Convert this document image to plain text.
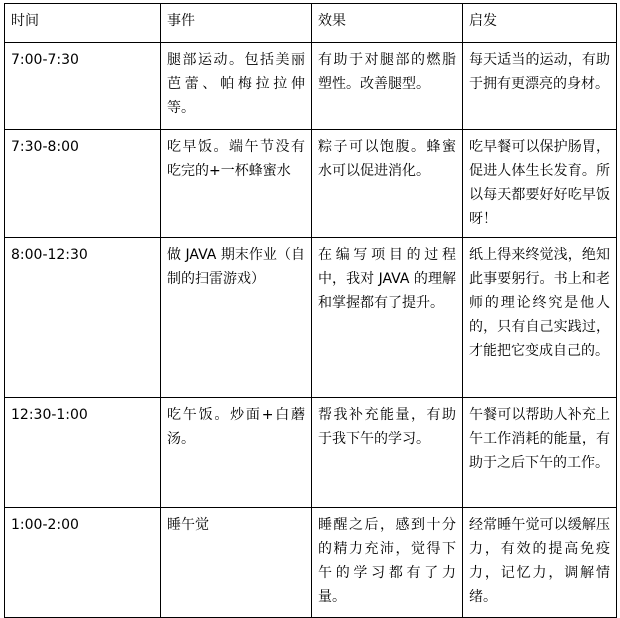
时间	事件	效果	启发
7:00-7:30	腿部运动。包括美丽芭蕾、帕梅拉拉伸等。	有助于对腿部的燃脂塑性。改善腿型。	每天适当的运动，有助于拥有更漂亮的身材。
7:30-8:00	吃早饭。端午节没有吃完的+一杯蜂蜜水	粽子可以饱腹。蜂蜜水可以促进消化。	吃早餐可以保护肠胃，促进人体生长发育。所以每天都要好好吃早饭呀！
8:00-12:30	做 JAVA 期末作业（自制的扫雷游戏）	在编写项目的过程中，我对 JAVA 的理解和掌握都有了提升。	纸上得来终觉浅，绝知此事要躬行。书上和老师的理论终究是他人的，只有自己实践过，才能把它变成自己的。
12:30-1:00	吃午饭。炒面+白蘑汤。	帮我补充能量，有助于我下午的学习。	午餐可以帮助人补充上午工作消耗的能量，有助于之后下午的工作。
1:00-2:00	睡午觉	睡醒之后，感到十分的精力充沛，觉得下午的学习都有了力量。	经常睡午觉可以缓解压力，有效的提高免疫力，记忆力，调解情绪。
